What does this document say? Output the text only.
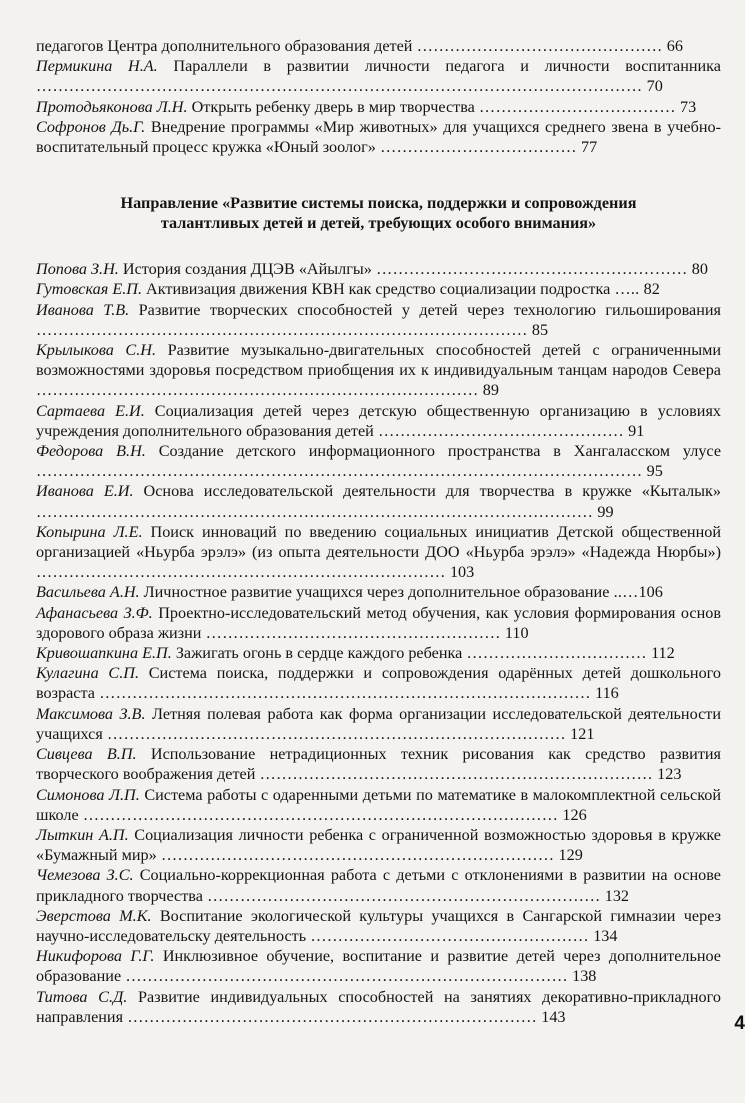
педагогов Центра дополнительного образования детей ……………………………………… 66

Пермикина Н.А. Параллели в развитии личности педагога и личности воспитанника ………………………………………………………………………………………………… 70

Протодьяконова Л.Н. Открыть ребенку дверь в мир творчества ……………………………… 73

Софронов Дь.Г. Внедрение программы «Мир животных» для учащихся среднего звена в учебно-воспитательный процесс кружка «Юный зоолог» ……………………………… 77

Направление «Развитие системы поиска, поддержки и сопровождения
талантливых детей и детей, требующих особого внимания»

Попова З.Н. История создания ДЦЭВ «Айылгы» ………………………………………………… 80

Гутовская Е.П. Активизация движения КВН как средство социализации подростка ….. 82

Иванова Т.В. Развитие творческих способностей у детей через технологию гильоширования ……………………………………………………………………………… 85

Крылыкова С.Н. Развитие музыкально-двигательных способностей детей с ограниченными возможностями здоровья посредством приобщения их к индивидуальным танцам народов Севера ……………………………………………………………………… 89

Сартаева Е.И. Социализация детей через детскую общественную организацию в условиях учреждения дополнительного образования детей ……………………………………… 91

Федорова В.Н. Создание детского информационного пространства в Хангаласском улусе ………………………………………………………………………………………………… 95

Иванова Е.И. Основа исследовательской деятельности для творчества в кружке «Кыталык» ………………………………………………………………………………………… 99

Копырина Л.Е. Поиск инноваций по введению социальных инициатив Детской общественной организацией «Ньурба эрэлэ» (из опыта деятельности ДОО «Ньурба эрэлэ» «Надежда Нюрбы») ………………………………………………………………… 103

Васильева А.Н. Личностное развитие учащихся через дополнительное образование ..…106

Афанасьева З.Ф. Проектно-исследовательский метод обучения, как условия формирования основ здорового образа жизни ……………………………………………… 110

Кривошапкина Е.П. Зажигать огонь в сердце каждого ребенка …………………………… 112

Кулагина С.П. Система поиска, поддержки и сопровождения одарённых детей дошкольного возраста ……………………………………………………………………………… 116

Максимова З.В. Летняя полевая работа как форма организации исследовательской деятельности учащихся ………………………………………………………………………… 121

Сивцева В.П. Использование нетрадиционных техник рисования как средство развития творческого воображения детей ……………………………………………………………… 123

Симонова Л.П. Система работы с одаренными детьми по математике в малокомплектной сельской школе …………………………………………………………………………… 126

Лыткин А.П. Социализация личности ребенка с ограниченной возможностью здоровья в кружке «Бумажный мир» ……………………………………………………………… 129

Чемезова З.С. Социально-коррекционная работа с детьми с отклонениями в развитии на основе прикладного творчества ……………………………………………………………… 132

Эверстова М.К. Воспитание экологической культуры учащихся в Сангарской гимназии через научно-исследовательску деятельность …………………………………………… 134

Никифорова Г.Г. Инклюзивное обучение, воспитание и развитие детей через дополнительное образование ……………………………………………………………………… 138

Титова С.Д. Развитие индивидуальных способностей на занятиях декоративно-прикладного направления ………………………………………………………………… 143	4
